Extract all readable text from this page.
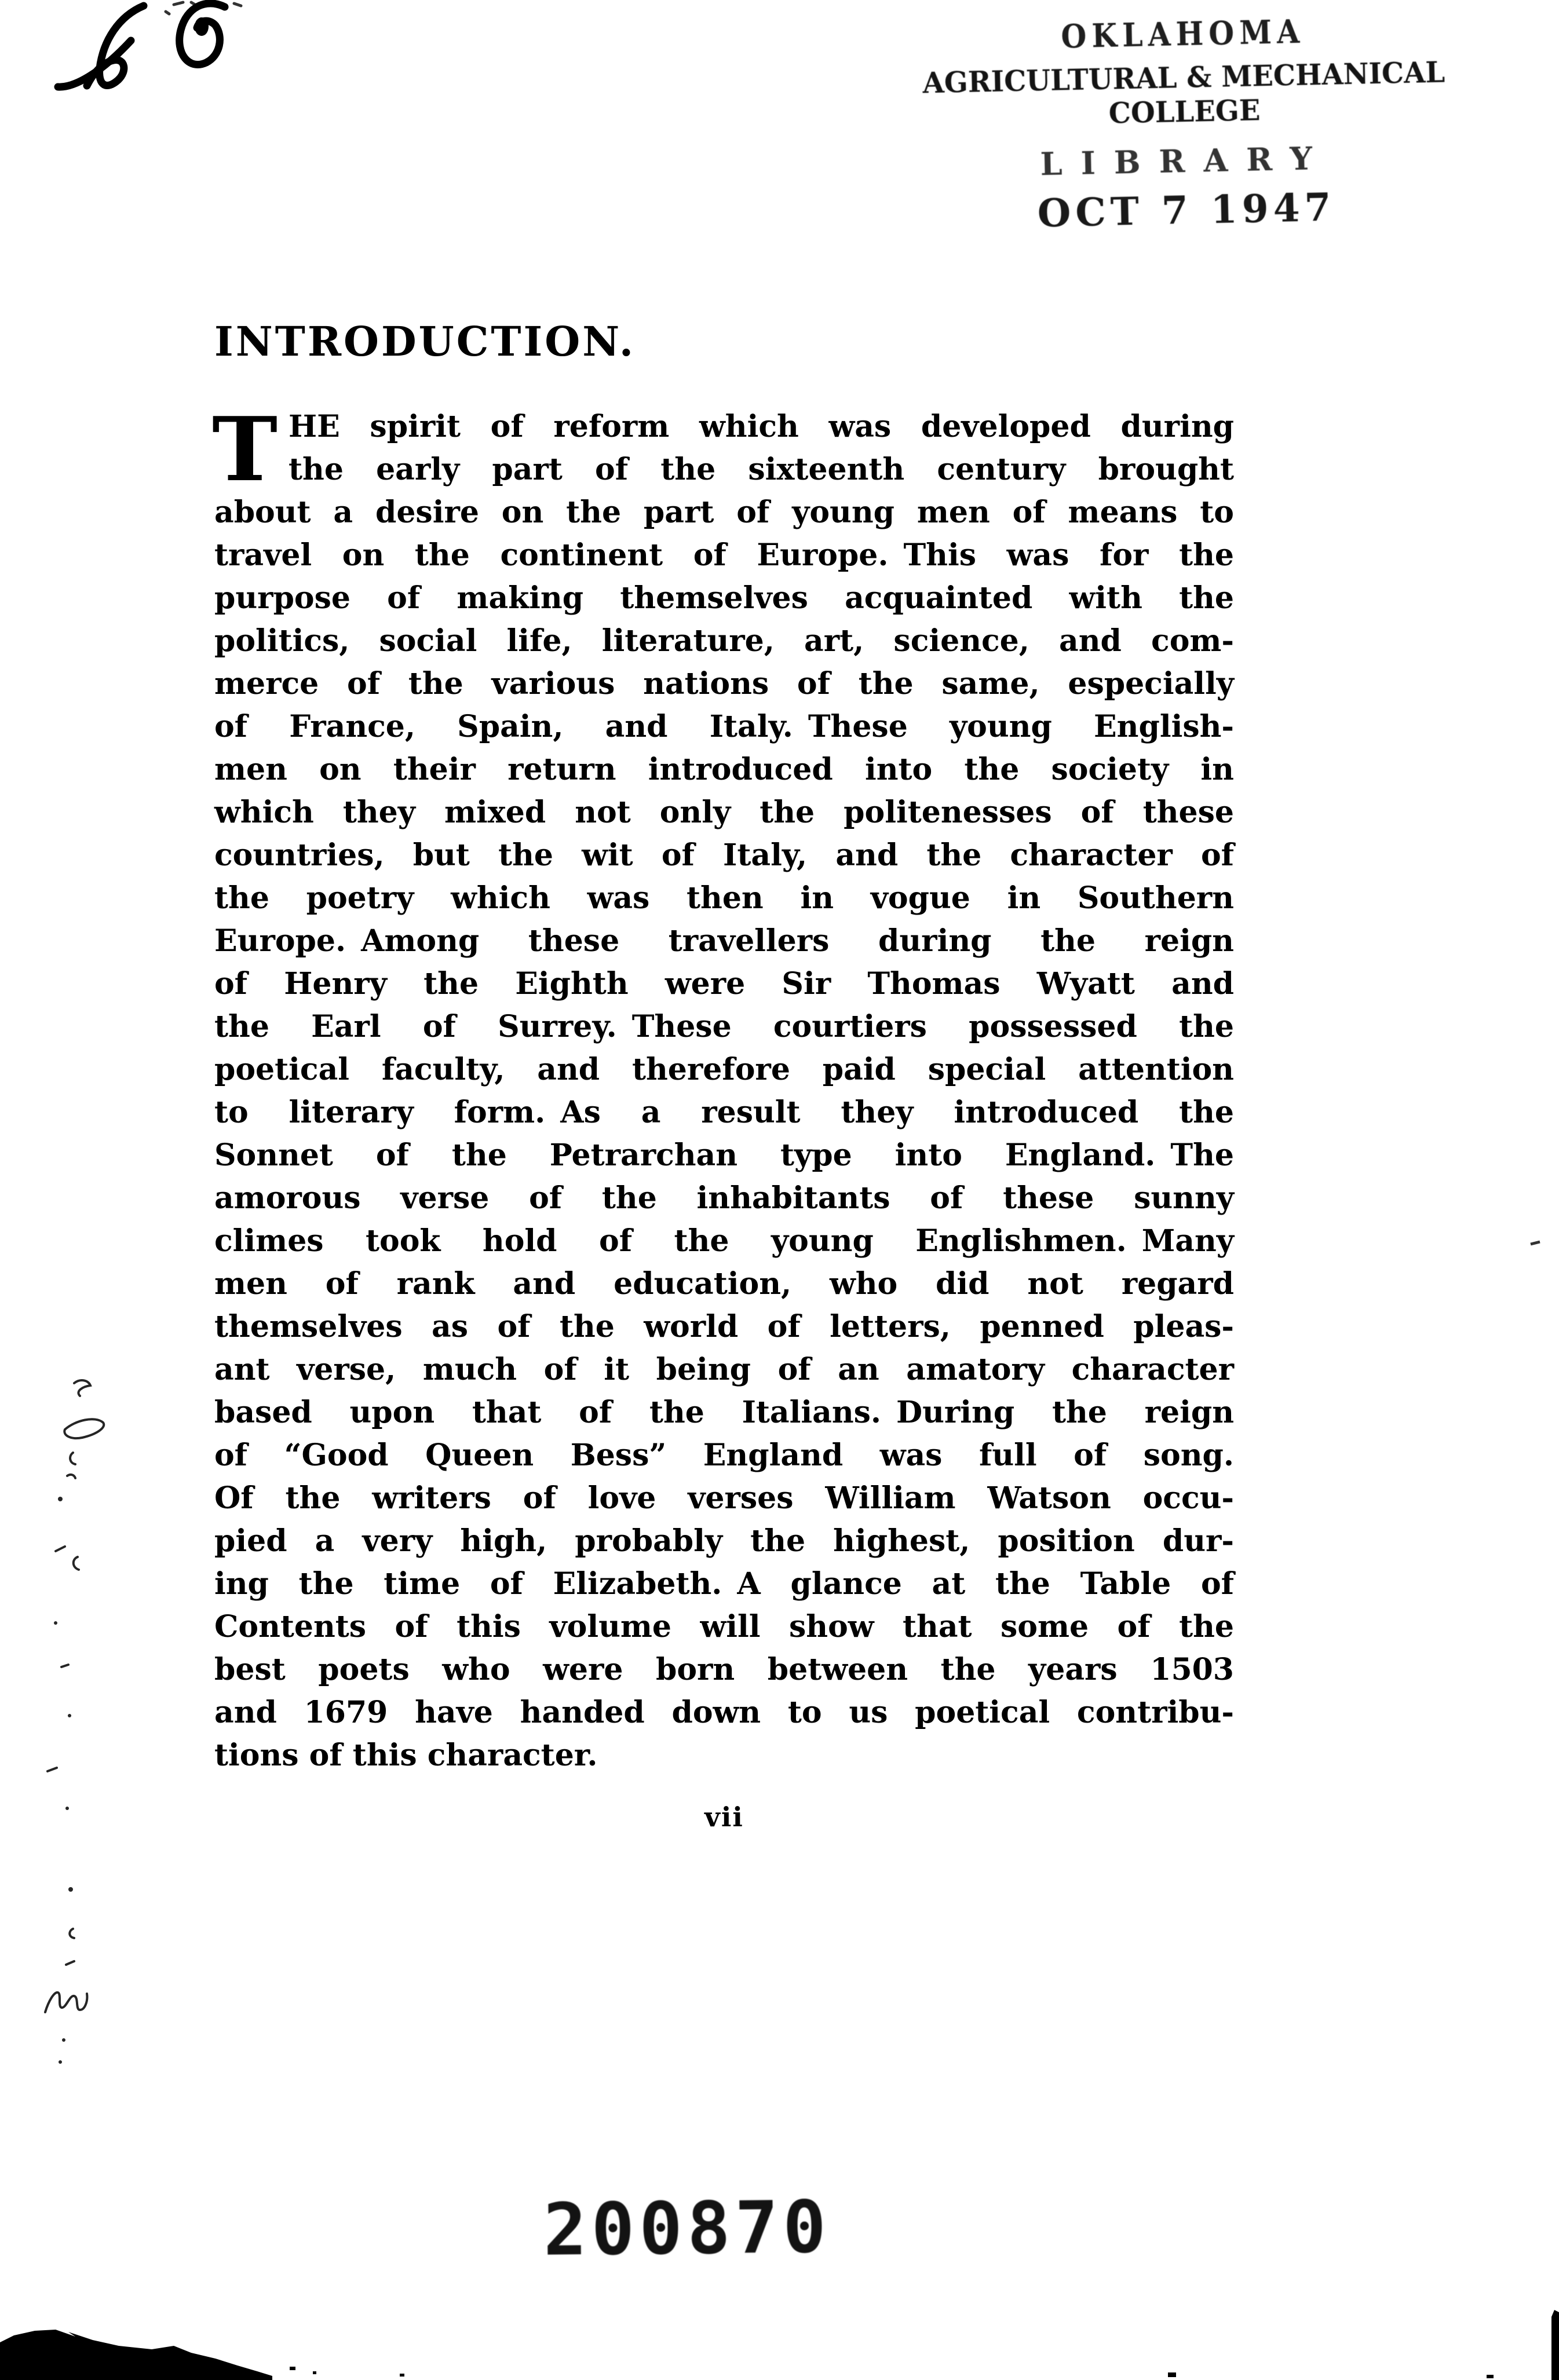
OKLAHOMA
AGRICULTURAL & MECHANICAL COLLEGE
LIBRARY
OCT 7 1947
INTRODUCTION.
T HE spirit of reform which was developed during
the early part of the sixteenth century brought
about a desire on the part of young men of means to
travel on the continent of Europe. This was for the
purpose of making themselves acquainted with the
politics, social life, literature, art, science, and com-
merce of the various nations of the same, especially
of France, Spain, and Italy. These young English-
men on their return introduced into the society in
which they mixed not only the politenesses of these
countries, but the wit of Italy, and the character of
the poetry which was then in vogue in Southern
Europe. Among these travellers during the reign
of Henry the Eighth were Sir Thomas Wyatt and
the Earl of Surrey. These courtiers possessed the
poetical faculty, and therefore paid special attention
to literary form. As a result they introduced the
Sonnet of the Petrarchan type into England. The
amorous verse of the inhabitants of these sunny
climes took hold of the young Englishmen. Many
men of rank and education, who did not regard
themselves as of the world of letters, penned pleas-
ant verse, much of it being of an amatory character
based upon that of the Italians. During the reign
of “Good Queen Bess” England was full of song.
Of the writers of love verses William Watson occu-
pied a very high, probably the highest, position dur-
ing the time of Elizabeth. A glance at the Table of
Contents of this volume will show that some of the
best poets who were born between the years 1503
and 1679 have handed down to us poetical contribu-
tions of this character.
vii
200870
